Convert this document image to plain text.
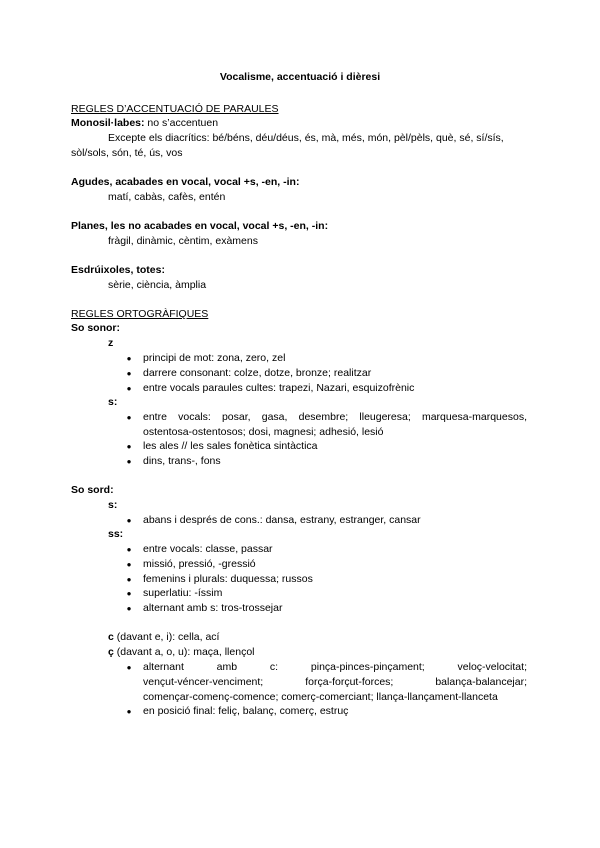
Vocalisme, accentuació i dièresi
REGLES D’ACCENTUACIÓ DE PARAULES
Monosil·labes: no s’accentuen
Excepte els diacrítics: bé/béns, déu/déus, és, mà, més, món, pèl/pèls, què, sé, sí/sís,
sòl/sols, són, té, ús, vos
Agudes, acabades en vocal, vocal +s, -en, -in:
matí, cabàs, cafès, entén
Planes, les no acabades en vocal, vocal +s, -en, -in:
fràgil, dinàmic, cèntim, exàmens
Esdrúixoles, totes:
sèrie, ciència, àmplia
REGLES ORTOGRÀFIQUES
So sonor:
z
● principi de mot: zona, zero, zel
● darrere consonant: colze, dotze, bronze; realitzar
● entre vocals paraules cultes: trapezi, Nazari, esquizofrènic
s:
● entre vocals: posar, gasa, desembre; lleugeresa; marquesa-marquesos,
ostentosa-ostentosos; dosi, magnesi; adhesió, lesió
● les ales // les sales fonètica sintàctica
● dins, trans-, fons
So sord:
s:
● abans i després de cons.: dansa, estrany, estranger, cansar
ss:
● entre vocals: classe, passar
● missió, pressió, -gressió
● femenins i plurals: duquessa; russos
● superlatiu: -íssim
● alternant amb s: tros-trossejar
c (davant e, i): cella, ací
ç (davant a, o, u): maça, llençol
● alternant amb c: pinça-pinces-pinçament; veloç-velocitat;
vençut-véncer-venciment; força-forçut-forces; balança-balancejar;
començar-començ-comence; comerç-comerciant; llança-llançament-llanceta
● en posició final: feliç, balanç, comerç, estruç
